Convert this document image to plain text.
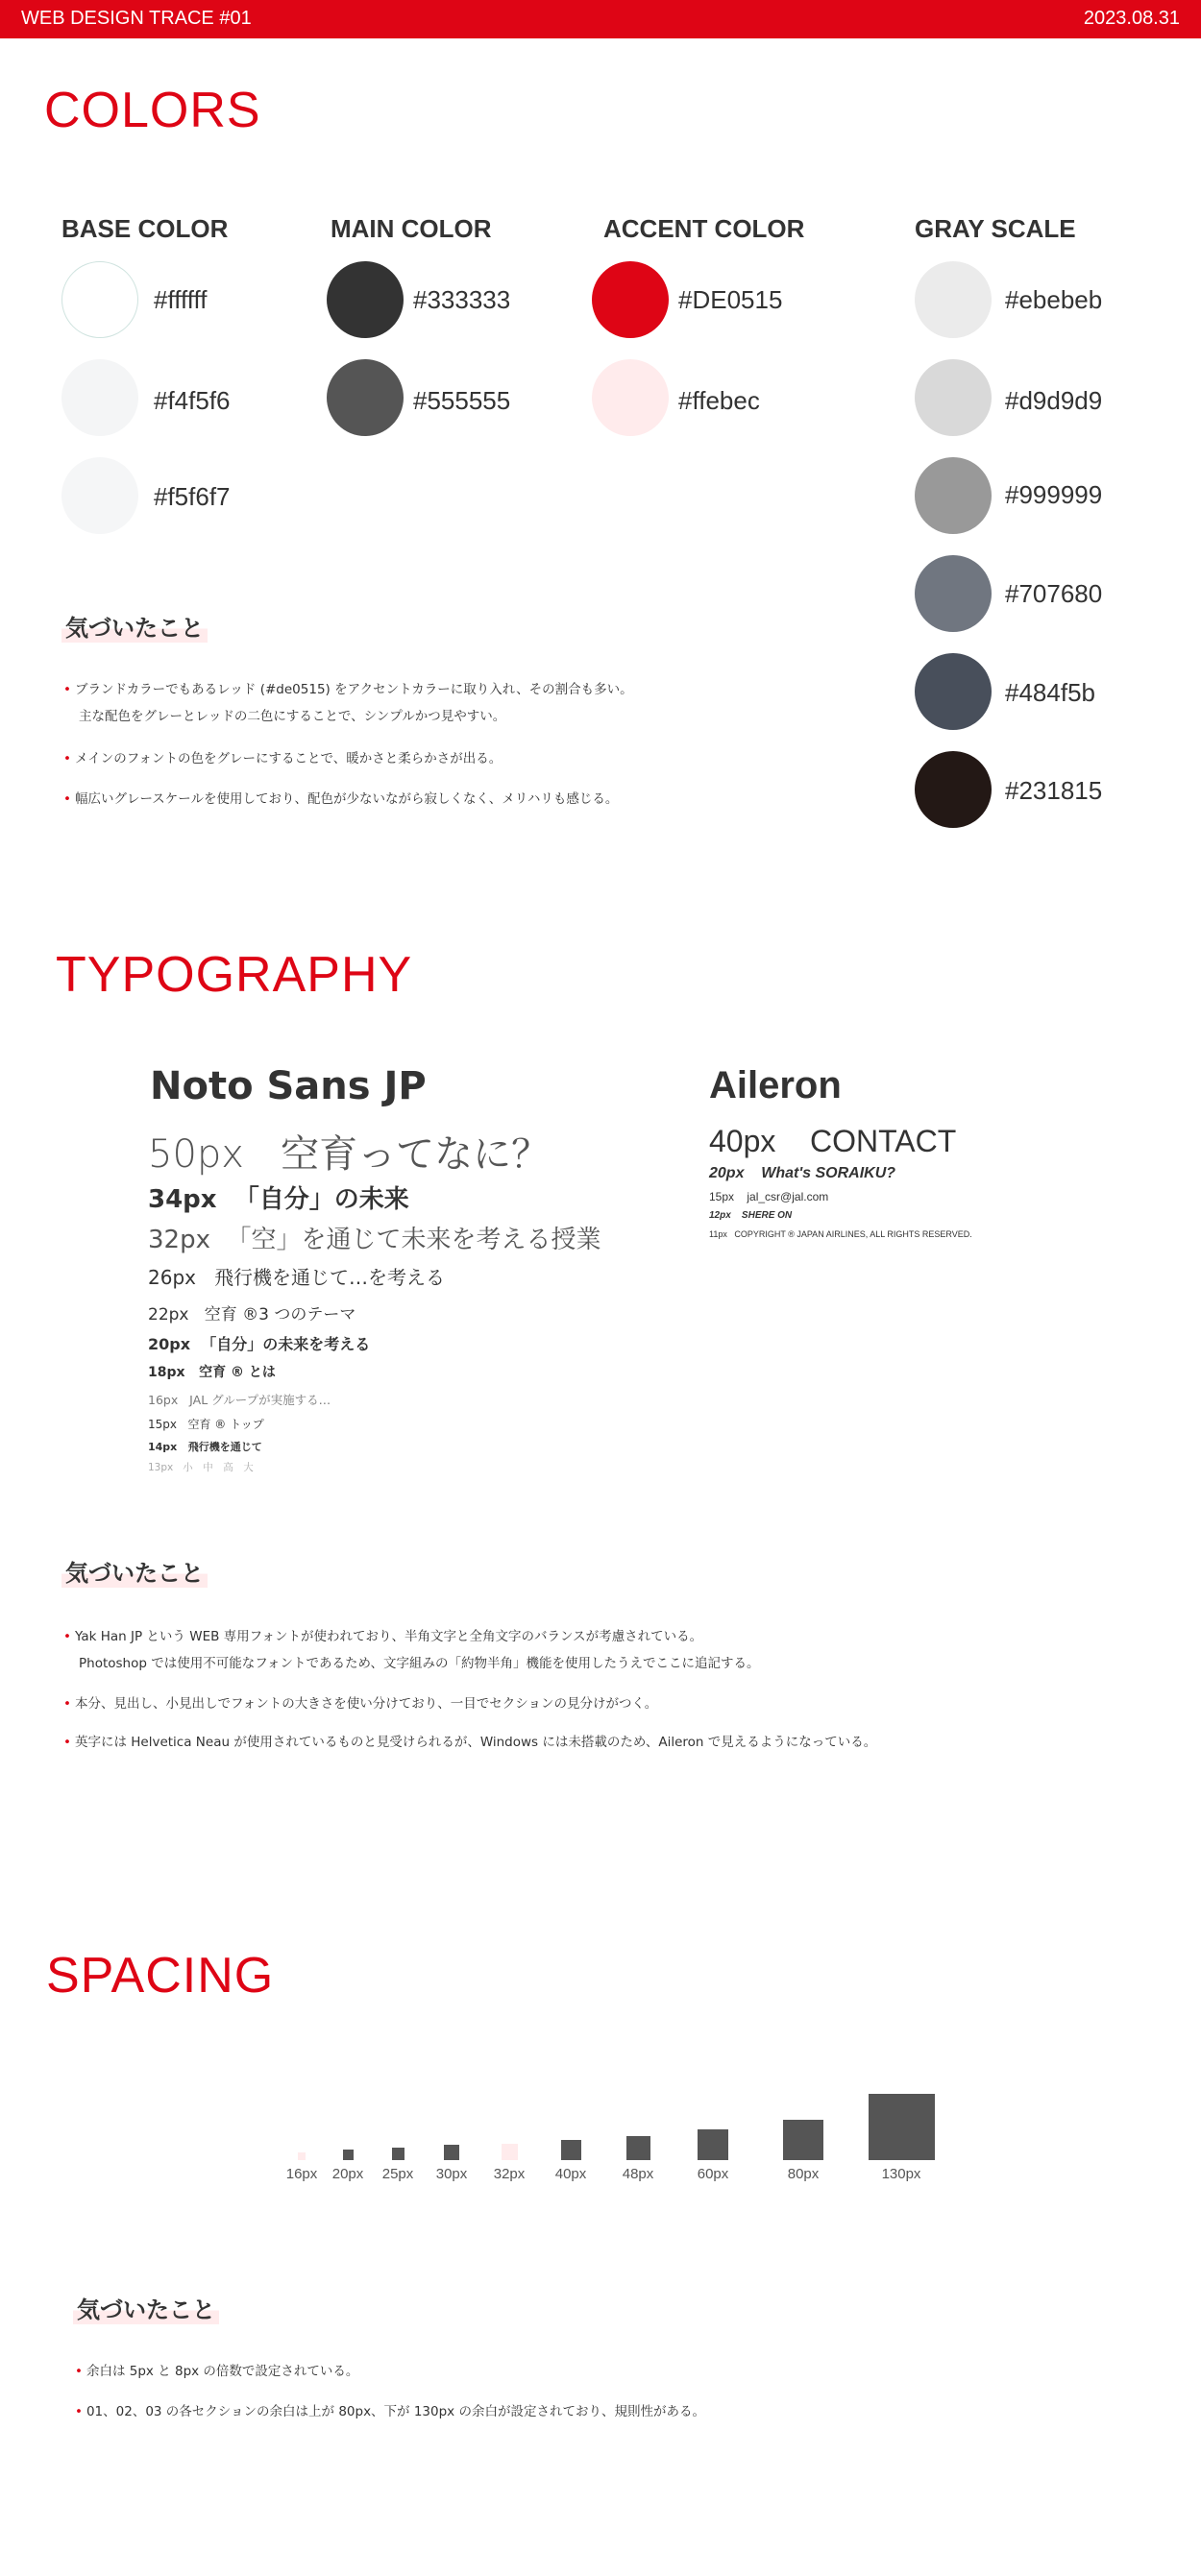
WEB DESIGN TRACE #01	2023.08.31
COLORS
BASE COLOR
#ffffff
#f4f5f6
#f5f6f7
MAIN COLOR
#333333
#555555
ACCENT COLOR
#DE0515
#ffebec
GRAY SCALE
#ebebeb
#d9d9d9
#999999
#707680
#484f5b
#231815
気づいたこと
• ブランドカラーでもあるレッド (#de0515) をアクセントカラーに取り入れ、その割合も多い。
主な配色をグレーとレッドの二色にすることで、シンプルかつ見やすい。
• メインのフォントの色をグレーにすることで、暖かさと柔らかさが出る。
• 幅広いグレースケールを使用しており、配色が少ないながら寂しくなく、メリハリも感じる。
TYPOGRAPHY
Noto Sans JP
50px 空育ってなに？
34px 「自分」の未来
32px 「空」を通じて未来を考える授業
26px 飛行機を通じて…を考える
22px 空育 ®3 つのテーマ
20px 「自分」の未来を考える
18px 空育 ® とは
16px JAL グループが実施する…
15px 空育 ® トップ
14px 飛行機を通じて
13px 小　中　高　大
Aileron
40px CONTACT
20px What's SORAIKU?
15px jal_csr@jal.com
12px SHERE ON
11px COPYRIGHT ® JAPAN AIRLINES, ALL RIGHTS RESERVED.
気づいたこと
• Yak Han JP という WEB 専用フォントが使われており、半角文字と全角文字のバランスが考慮されている。
Photoshop では使用不可能なフォントであるため、文字組みの「約物半角」機能を使用したうえでここに追記する。
• 本分、見出し、小見出しでフォントの大きさを使い分けており、一目でセクションの見分けがつく。
• 英字には Helvetica Neau が使用されているものと見受けられるが、Windows には未搭載のため、Aileron で見えるようになっている。
SPACING
16px	20px	25px	30px	32px	40px	48px	60px	80px	130px
気づいたこと
• 余白は 5px と 8px の倍数で設定されている。
• 01、02、03 の各セクションの余白は上が 80px、下が 130px の余白が設定されており、規則性がある。
